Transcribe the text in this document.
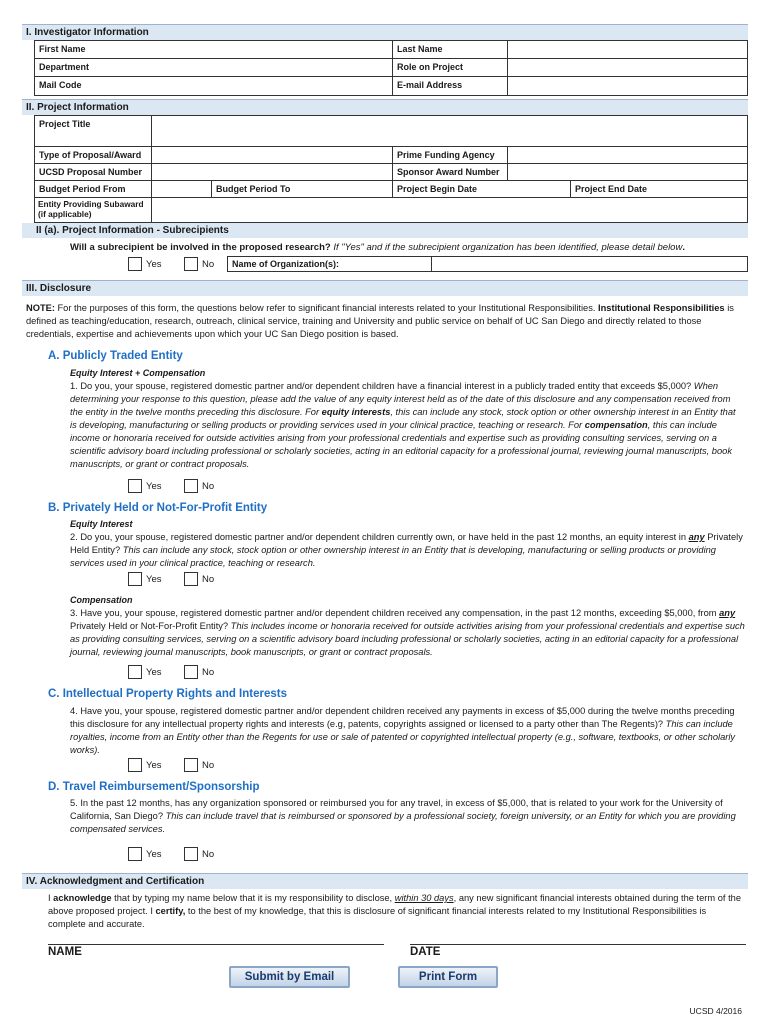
I. Investigator Information
First Name	Last Name
Department	Role on Project
Mail Code	E-mail Address
II. Project Information
Project Title
Type of Proposal/Award	Prime Funding Agency
UCSD Proposal Number	Sponsor Award Number
Budget Period From	Budget Period To	Project Begin Date	Project End Date
Entity Providing Subaward (if applicable)
II (a). Project Information - Subrecipients
Will a subrecipient be involved in the proposed research? If "Yes" and if the subrecipient organization has been identified, please detail below.
Yes	No	Name of Organization(s):
III. Disclosure
NOTE: For the purposes of this form, the questions below refer to significant financial interests related to your Institutional Responsibilities. Institutional Responsibilities is defined as teaching/education, research, outreach, clinical service, training and University and public service on behalf of UC San Diego and directly related to those credentials, expertise and achievements upon which your UC San Diego position is based.
A. Publicly Traded Entity
Equity Interest + Compensation
1. Do you, your spouse, registered domestic partner and/or dependent children have a financial interest in a publicly traded entity that exceeds $5,000? When determining your response to this question, please add the value of any equity interest held as of the date of this disclosure and any compensation received from the entity in the twelve months preceding this disclosure. For equity interests, this can include any stock, stock option or other ownership interest in an Entity that is developing, manufacturing or selling products or providing services used in your clinical practice, teaching or research. For compensation, this can include income or honoraria received for outside activities arising from your professional credentials and expertise such as providing consulting services, serving on a scientific advisory board including professional or scholarly societies, acting in an editorial capacity for a professional journal, reviewing journal manuscripts, book manuscripts, or grant or contract proposals.
Yes	No
B. Privately Held or Not-For-Profit Entity
Equity Interest
2. Do you, your spouse, registered domestic partner and/or dependent children currently own, or have held in the past 12 months, an equity interest in any Privately Held Entity? This can include any stock, stock option or other ownership interest in an Entity that is developing, manufacturing or selling products or providing services used in your clinical practice, teaching or research.
Yes	No
Compensation
3. Have you, your spouse, registered domestic partner and/or dependent children received any compensation, in the past 12 months, exceeding $5,000, from any Privately Held or Not-For-Profit Entity? This includes income or honoraria received for outside activities arising from your professional credentials and expertise such as providing consulting services, serving on a scientific advisory board including professional or scholarly societies, acting in an editorial capacity for a professional journal, reviewing journal manuscripts, book manuscripts, or grant or contract proposals.
Yes	No
C. Intellectual Property Rights and Interests
4. Have you, your spouse, registered domestic partner and/or dependent children received any payments in excess of $5,000 during the twelve months preceding this disclosure for any intellectual property rights and interests (e.g, patents, copyrights assigned or licensed to a party other than The Regents)? This can include royalties, income from an Entity other than the Regents for use or sale of patented or copyrighted intellectual property (e.g., software, textbooks, or other scholarly works).
Yes	No
D. Travel Reimbursement/Sponsorship
5. In the past 12 months, has any organization sponsored or reimbursed you for any travel, in excess of $5,000, that is related to your work for the University of California, San Diego? This can include travel that is reimbursed or sponsored by a professional society, foreign university, or an Entity for which you are providing compensated services.
Yes	No
IV. Acknowledgment and Certification
I acknowledge that by typing my name below that it is my responsibility to disclose, within 30 days, any new significant financial interests obtained during the term of the above proposed project. I certify, to the best of my knowledge, that this is disclosure of significant financial interests related to my Institutional Responsibilities is complete and accurate.
NAME	DATE
Submit by Email	Print Form
UCSD 4/2016
